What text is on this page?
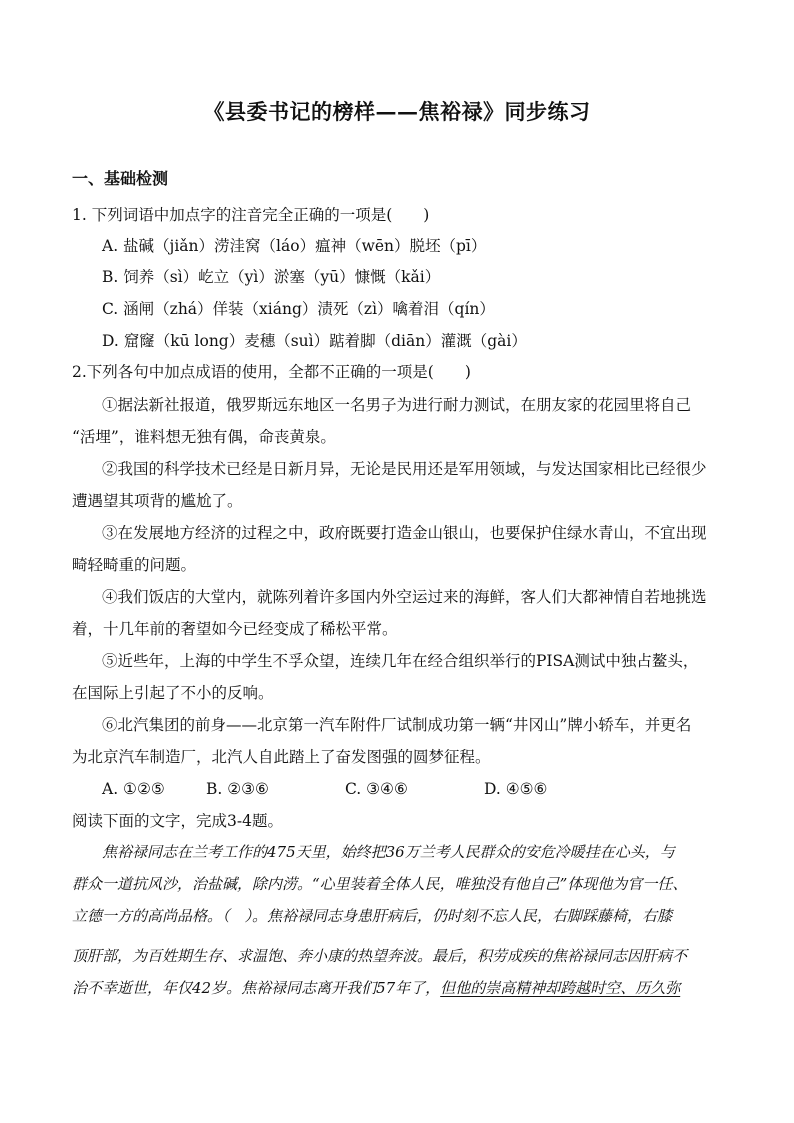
《县委书记的榜样——焦裕禄》同步练习
一、基础检测
1. 下列词语中加点字的注音完全正确的一项是(　　)
A. 盐碱（jiǎn）涝洼窝（láo）瘟神（wēn）脱坯（pī）
B. 饲养（sì）屹立（yì）淤塞（yū）慷慨（kǎi）
C. 涵闸（zhá）佯装（xiáng）渍死（zì）噙着泪（qín）
D. 窟窿（kū long）麦穗（suì）踮着脚（diān）灌溉（gài）
2.下列各句中加点成语的使用，全都不正确的一项是(　　)
①据法新社报道，俄罗斯远东地区一名男子为进行耐力测试，在朋友家的花园里将自己
“活埋”，谁料想无独有偶，命丧黄泉。
②我国的科学技术已经是日新月异，无论是民用还是军用领域，与发达国家相比已经很少
遭遇望其项背的尴尬了。
③在发展地方经济的过程之中，政府既要打造金山银山，也要保护住绿水青山，不宜出现
畸轻畸重的问题。
④我们饭店的大堂内，就陈列着许多国内外空运过来的海鲜，客人们大都神情自若地挑选
着，十几年前的奢望如今已经变成了稀松平常。
⑤近些年，上海的中学生不孚众望，连续几年在经合组织举行的PISA测试中独占鳌头，
在国际上引起了不小的反响。
⑥北汽集团的前身——北京第一汽车附件厂试制成功第一辆“井冈山”牌小轿车，并更名
为北京汽车制造厂，北汽人自此踏上了奋发图强的圆梦征程。
A. ①②⑤	B. ②③⑥	C. ③④⑥	D. ④⑤⑥
阅读下面的文字，完成3-4题。
焦裕禄同志在兰考工作的475天里，始终把36万兰考人民群众的安危冷暖挂在心头，与
群众一道抗风沙，治盐碱，除内涝。“心里装着全体人民，唯独没有他自己”体现他为官一任、
立德一方的高尚品格。（　）。焦裕禄同志身患肝病后，仍时刻不忘人民，右脚踩藤椅，右膝
顶肝部，为百姓期生存、求温饱、奔小康的热望奔波。最后，积劳成疾的焦裕禄同志因肝病不
治不幸逝世，年仅42岁。焦裕禄同志离开我们57年了，但他的崇高精神却跨越时空、历久弥
